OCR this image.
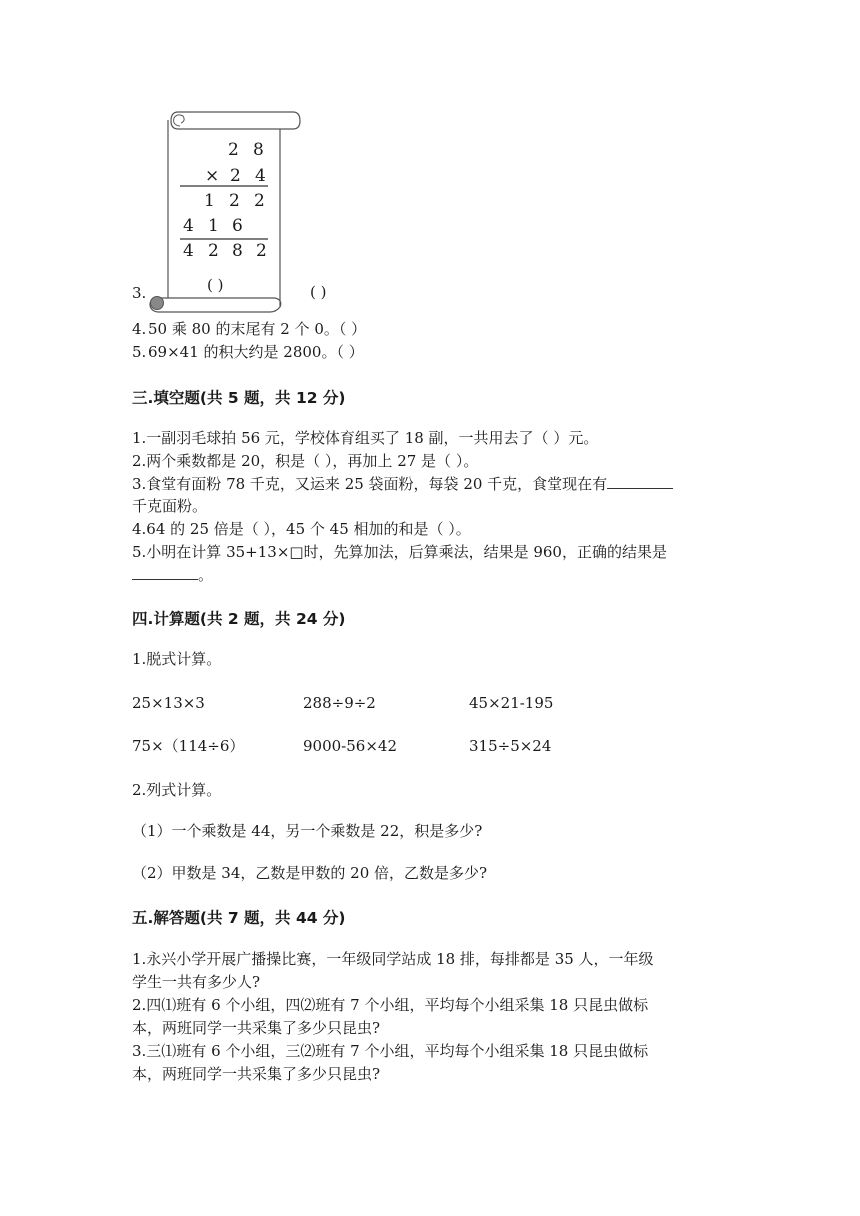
2 8
× 2 4
1 2 2
4 1 6
4 2 8 2
( )
3.	( )
4. 50 乘 80 的末尾有 2 个 0。（ ）
5. 69×41 的积大约是 2800。（ ）
三.填空题(共 5 题，共 12 分)
1.一副羽毛球拍 56 元，学校体育组买了 18 副，一共用去了（ ）元。
2.两个乘数都是 20，积是（ ），再加上 27 是（ ）。
3.食堂有面粉 78 千克，又运来 25 袋面粉，每袋 20 千克，食堂现在有
千克面粉。
4.64 的 25 倍是（ ），45 个 45 相加的和是（ ）。
5.小明在计算 35+13×□时，先算加法，后算乘法，结果是 960，正确的结果是
。
四.计算题(共 2 题，共 24 分)
1.脱式计算。
25×13×3	288÷9÷2	45×21-195
75×（114÷6）	9000-56×42	315÷5×24
2.列式计算。
（1）一个乘数是 44，另一个乘数是 22，积是多少?
（2）甲数是 34，乙数是甲数的 20 倍，乙数是多少?
五.解答题(共 7 题，共 44 分)
1.永兴小学开展广播操比赛，一年级同学站成 18 排，每排都是 35 人，一年级
学生一共有多少人?
2.四⑴班有 6 个小组，四⑵班有 7 个小组，平均每个小组采集 18 只昆虫做标
本，两班同学一共采集了多少只昆虫?
3.三⑴班有 6 个小组，三⑵班有 7 个小组，平均每个小组采集 18 只昆虫做标
本，两班同学一共采集了多少只昆虫?
